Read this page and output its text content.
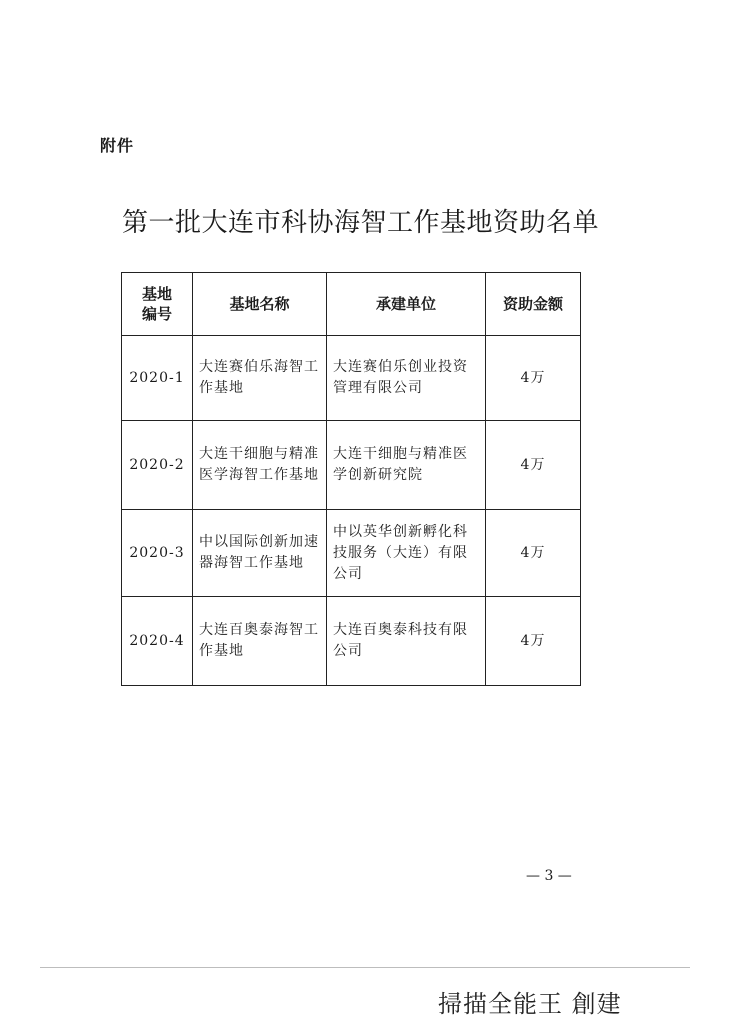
附件
第一批大连市科协海智工作基地资助名单
基地编号	基地名称	承建单位	资助金额
2020-1	大连赛伯乐海智工作基地	大连赛伯乐创业投资管理有限公司	4万
2020-2	大连干细胞与精准医学海智工作基地	大连干细胞与精准医学创新研究院	4万
2020-3	中以国际创新加速器海智工作基地	中以英华创新孵化科技服务（大连）有限公司	4万
2020-4	大连百奥泰海智工作基地	大连百奥泰科技有限公司	4万
— 3 —
掃描全能王 創建
